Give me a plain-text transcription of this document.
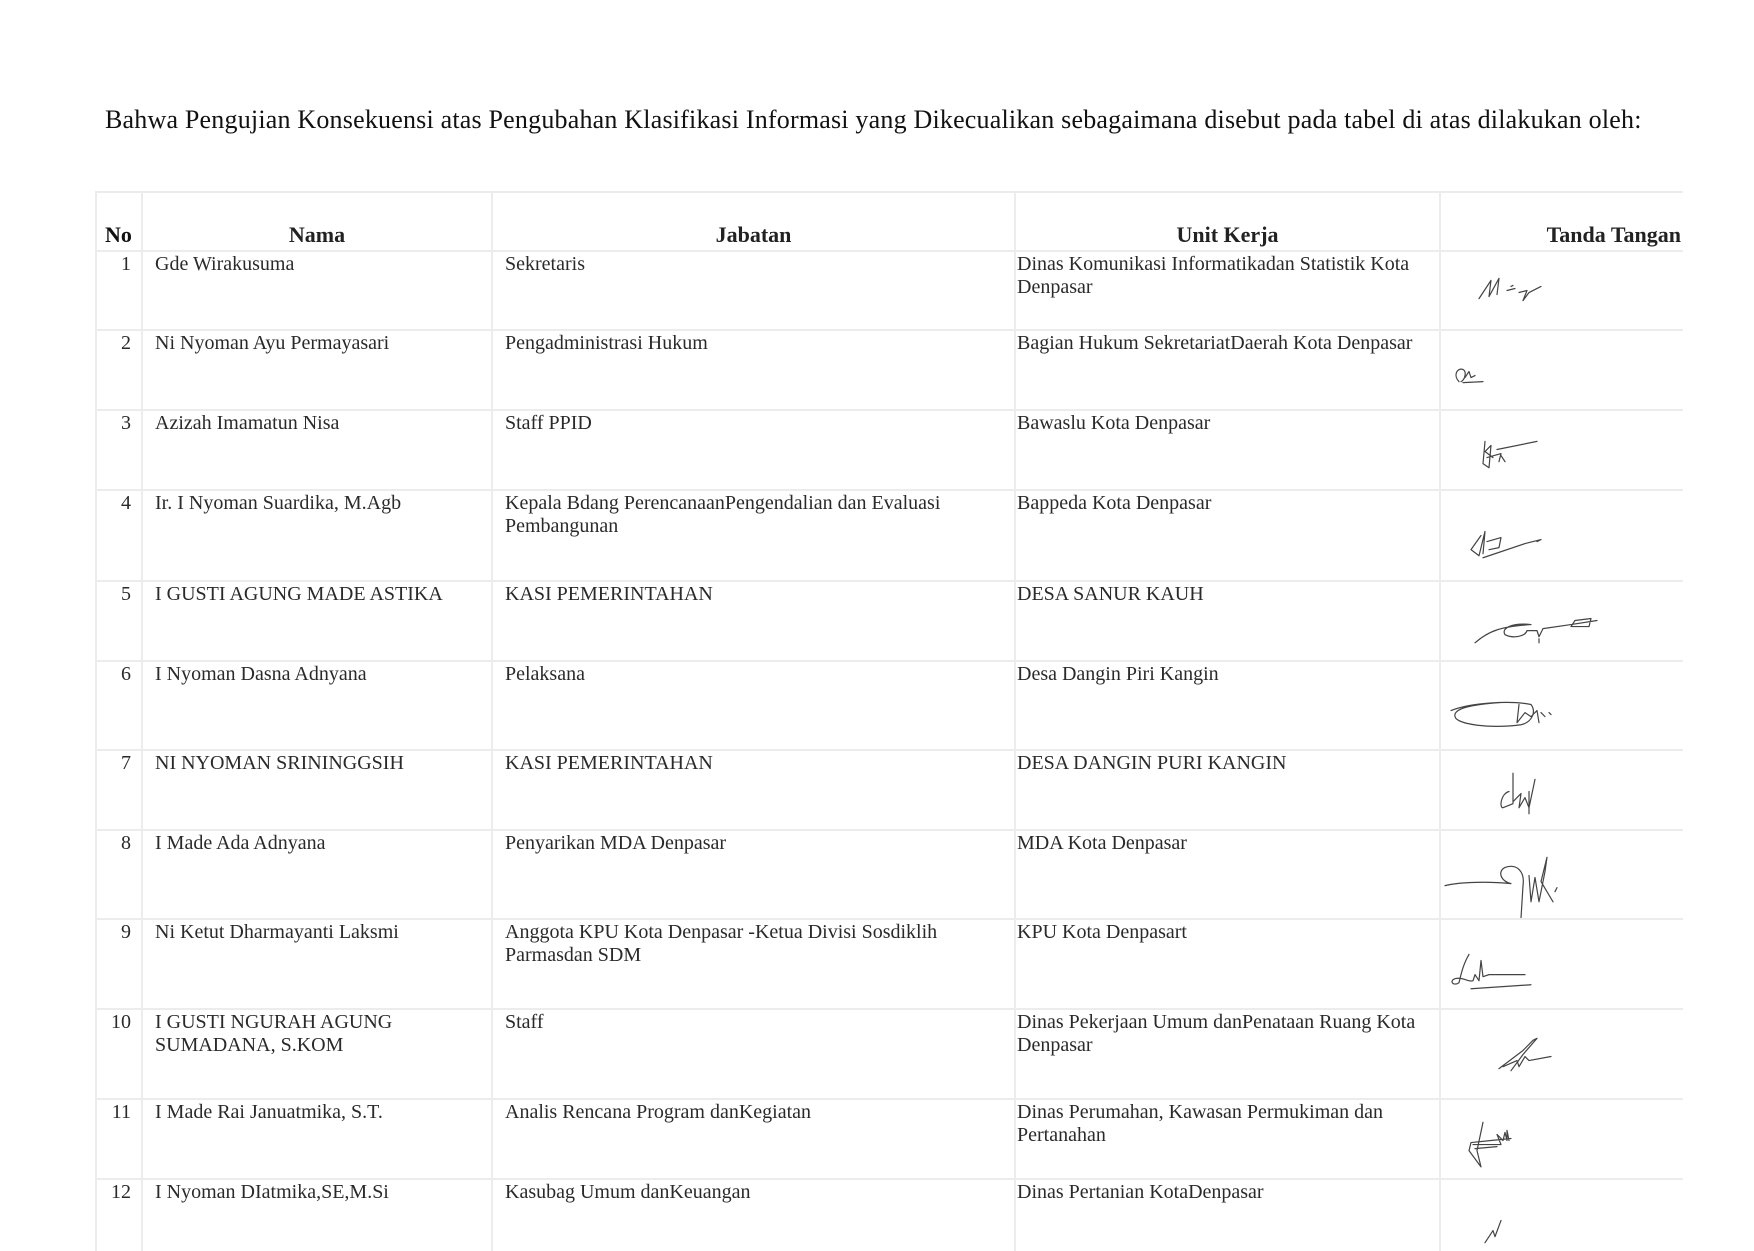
Bahwa Pengujian Konsekuensi atas Pengubahan Klasifikasi Informasi yang Dikecualikan sebagaimana disebut pada tabel di atas dilakukan oleh:

No	Nama	Jabatan	Unit Kerja	Tanda Tangan
1	Gde Wirakusuma	Sekretaris	Dinas Komunikasi Informatikadan Statistik Kota Denpasar	

2	Ni Nyoman Ayu Permayasari	Pengadministrasi Hukum	Bagian Hukum SekretariatDaerah Kota Denpasar	

3	Azizah Imamatun Nisa	Staff PPID	Bawaslu Kota Denpasar	

4	Ir. I Nyoman Suardika, M.Agb	Kepala Bdang PerencanaanPengendalian dan Evaluasi Pembangunan	Bappeda Kota Denpasar	

5	I GUSTI AGUNG MADE ASTIKA	KASI PEMERINTAHAN	DESA SANUR KAUH	

6	I Nyoman Dasna Adnyana	Pelaksana	Desa Dangin Piri Kangin	

7	NI NYOMAN SRININGGSIH	KASI PEMERINTAHAN	DESA DANGIN PURI KANGIN	

8	I Made Ada Adnyana	Penyarikan MDA Denpasar	MDA Kota Denpasar	

9	Ni Ketut Dharmayanti Laksmi	Anggota KPU Kota Denpasar -Ketua Divisi Sosdiklih Parmasdan SDM	KPU Kota Denpasart	

10	I GUSTI NGURAH AGUNG SUMADANA, S.KOM	Staff	Dinas Pekerjaan Umum danPenataan Ruang Kota Denpasar	

11	I Made Rai Januatmika, S.T.	Analis Rencana Program danKegiatan	Dinas Perumahan, Kawasan Permukiman dan Pertanahan	

12	I Nyoman DIatmika,SE,M.Si	Kasubag Umum danKeuangan	Dinas Pertanian KotaDenpasar	
